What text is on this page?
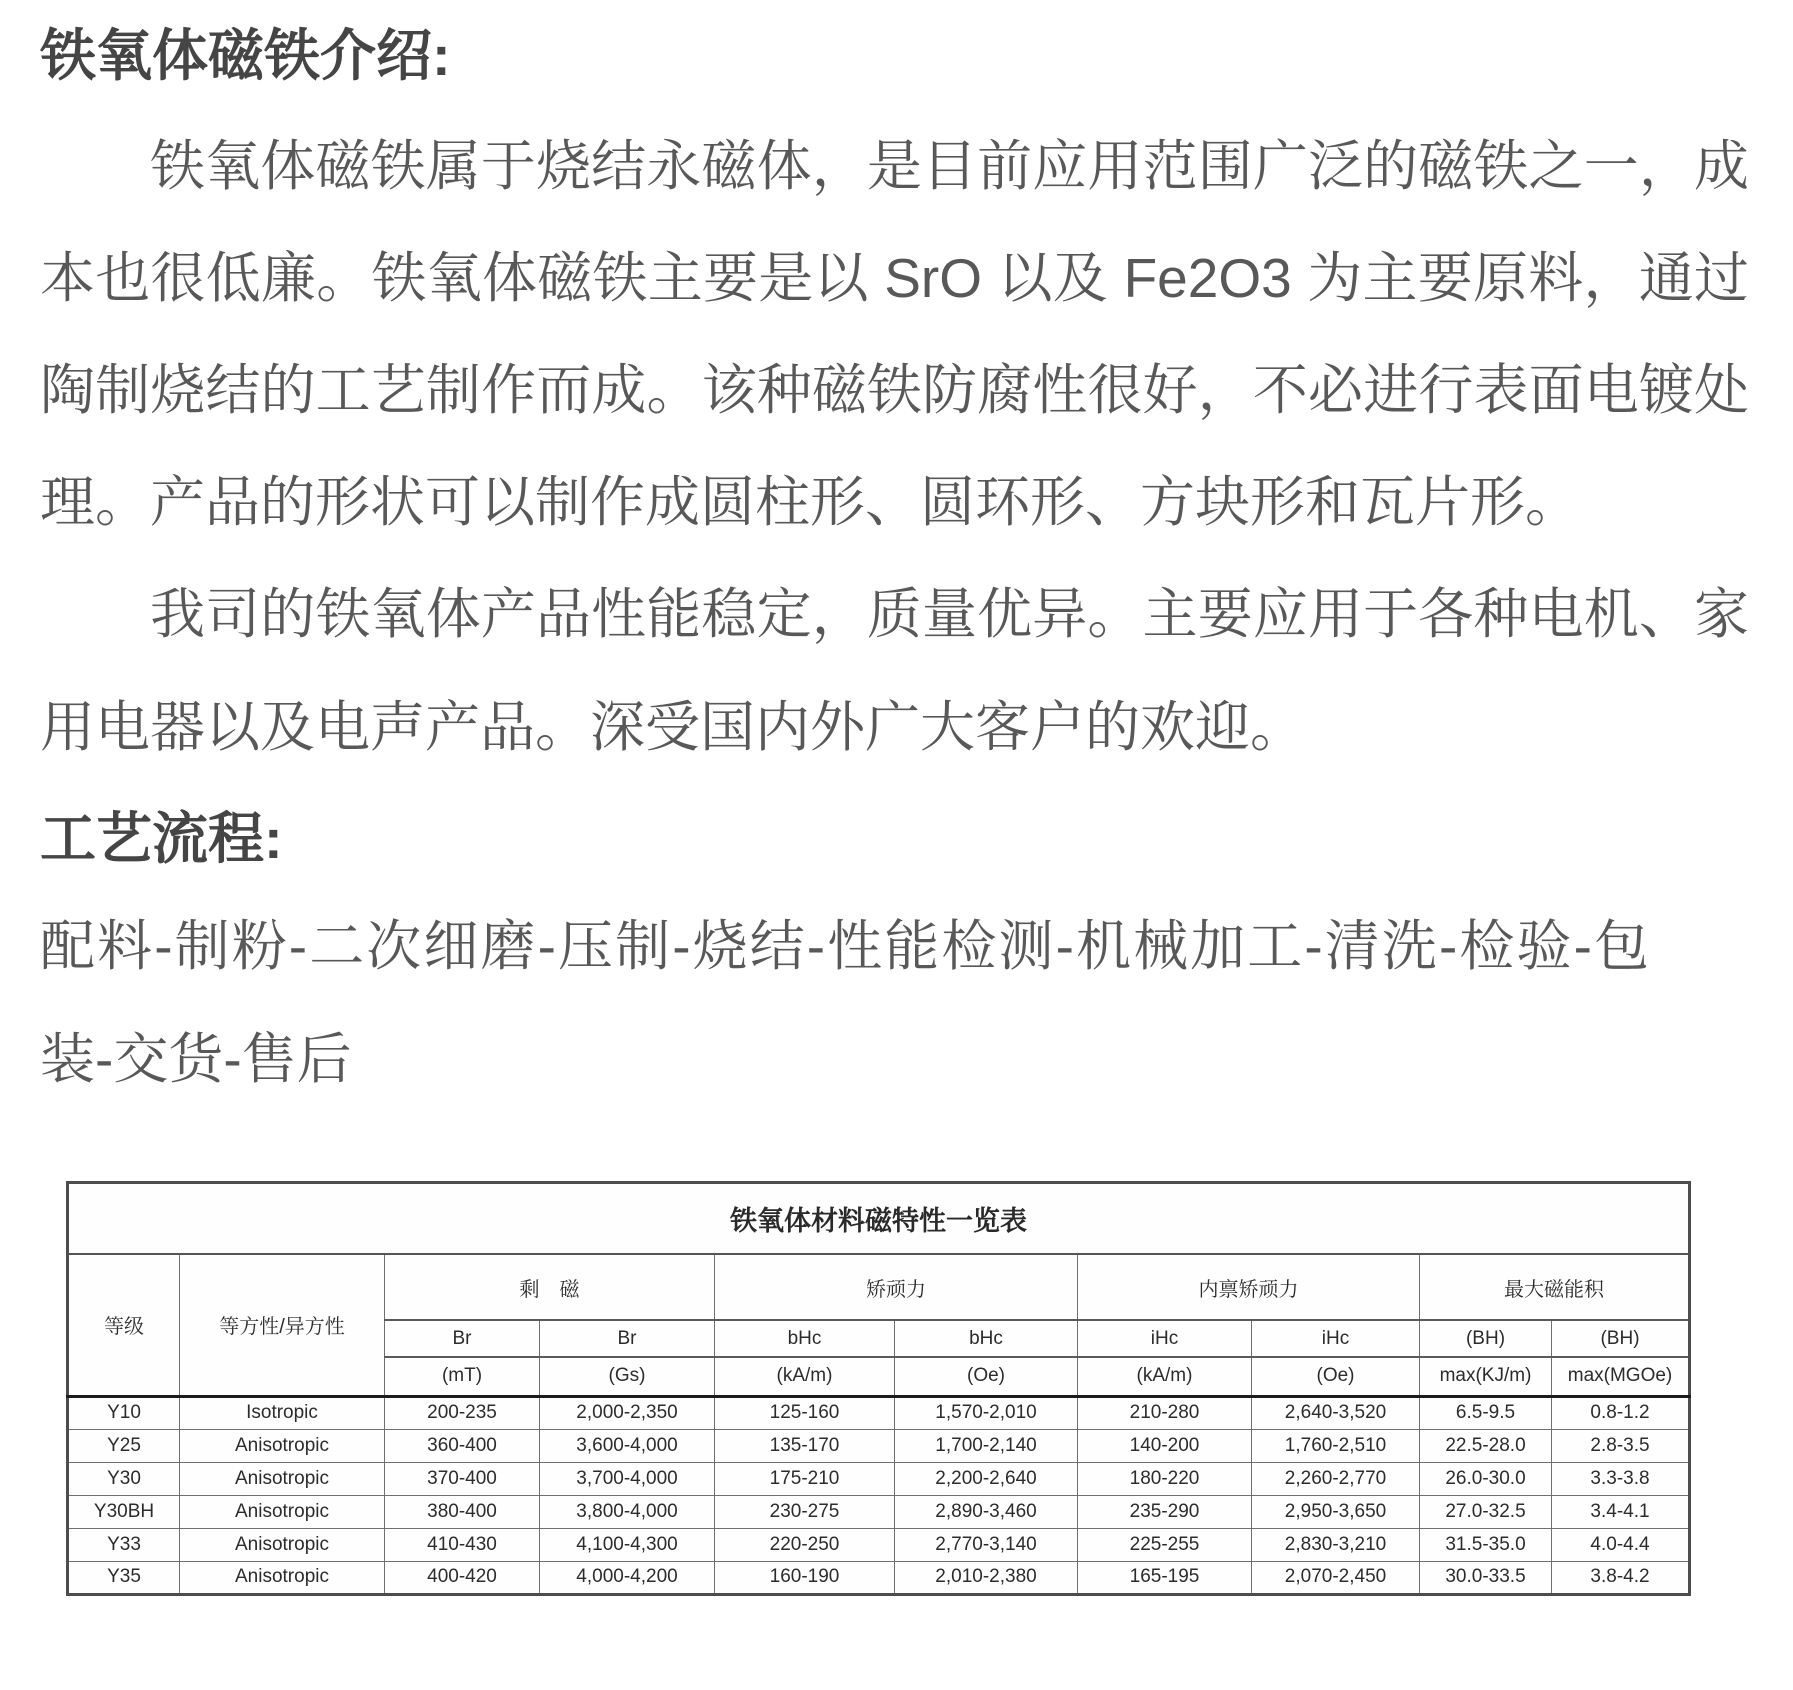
铁氧体磁铁介绍:

铁氧体磁铁属于烧结永磁体，是目前应用范围广泛的磁铁之一，成本也很低廉。铁氧体磁铁主要是以 SrO 以及 Fe2O3 为主要原料，通过陶制烧结的工艺制作而成。该种磁铁防腐性很好，不必进行表面电镀处理。产品的形状可以制作成圆柱形、圆环形、方块形和瓦片形。

我司的铁氧体产品性能稳定，质量优异。主要应用于各种电机、家用电器以及电声产品。深受国内外广大客户的欢迎。

工艺流程:

配料-制粉-二次细磨-压制-烧结-性能检测-机械加工-清洗-检验-包装-交货-售后

铁氧体材料磁特性一览表									
等级	等方性/异方性	剩　磁		矫顽力		内禀矫顽力		最大磁能积	
		Br	Br	bHc	bHc	iHc	iHc	(BH)	(BH)
		(mT)	(Gs)	(kA/m)	(Oe)	(kA/m)	(Oe)	max(KJ/m)	max(MGOe)
Y10	Isotropic	200-235	2,000-2,350	125-160	1,570-2,010	210-280	2,640-3,520	6.5-9.5	0.8-1.2
Y25	Anisotropic	360-400	3,600-4,000	135-170	1,700-2,140	140-200	1,760-2,510	22.5-28.0	2.8-3.5
Y30	Anisotropic	370-400	3,700-4,000	175-210	2,200-2,640	180-220	2,260-2,770	26.0-30.0	3.3-3.8
Y30BH	Anisotropic	380-400	3,800-4,000	230-275	2,890-3,460	235-290	2,950-3,650	27.0-32.5	3.4-4.1
Y33	Anisotropic	410-430	4,100-4,300	220-250	2,770-3,140	225-255	2,830-3,210	31.5-35.0	4.0-4.4
Y35	Anisotropic	400-420	4,000-4,200	160-190	2,010-2,380	165-195	2,070-2,450	30.0-33.5	3.8-4.2
